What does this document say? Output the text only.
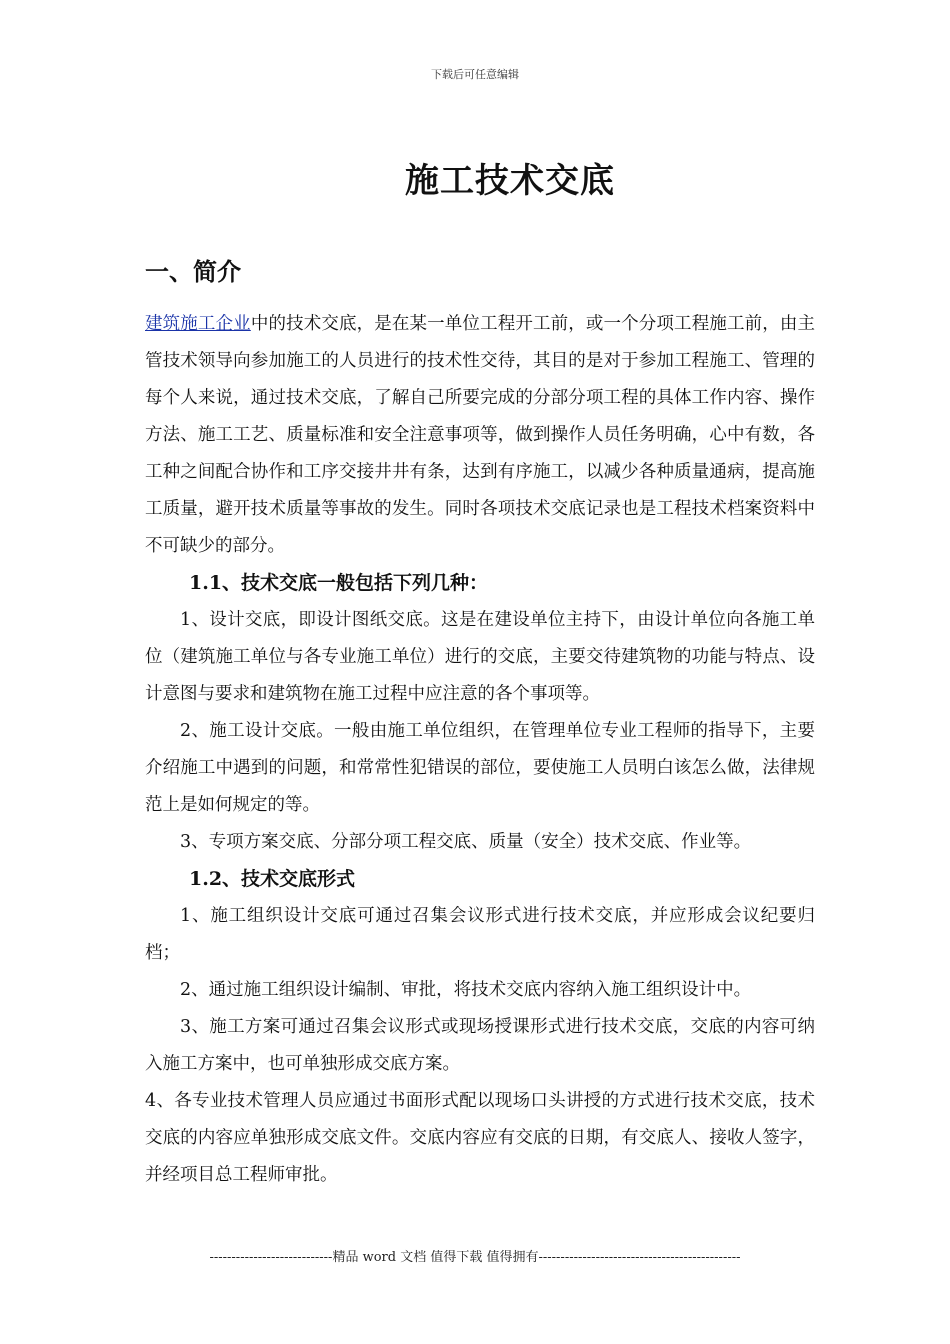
下载后可任意编辑
施工技术交底
一、简介

建筑施工企业中的技术交底，是在某一单位工程开工前，或一个分项工程施工前，由主管技术领导向参加施工的人员进行的技术性交待，其目的是对于参加工程施工、管理的每个人来说，通过技术交底，了解自己所要完成的分部分项工程的具体工作内容、操作方法、施工工艺、质量标准和安全注意事项等，做到操作人员任务明确，心中有数，各工种之间配合协作和工序交接井井有条，达到有序施工，以减少各种质量通病，提高施工质量，避开技术质量等事故的发生。同时各项技术交底记录也是工程技术档案资料中不可缺少的部分。

1.1、技术交底一般包括下列几种：

1、设计交底，即设计图纸交底。这是在建设单位主持下，由设计单位向各施工单位（建筑施工单位与各专业施工单位）进行的交底，主要交待建筑物的功能与特点、设计意图与要求和建筑物在施工过程中应注意的各个事项等。

2、施工设计交底。一般由施工单位组织，在管理单位专业工程师的指导下，主要介绍施工中遇到的问题，和常常性犯错误的部位，要使施工人员明白该怎么做，法律规范上是如何规定的等。

3、专项方案交底、分部分项工程交底、质量（安全）技术交底、作业等。

1.2、技术交底形式

1、施工组织设计交底可通过召集会议形式进行技术交底，并应形成会议纪要归档；

2、通过施工组织设计编制、审批，将技术交底内容纳入施工组织设计中。

3、施工方案可通过召集会议形式或现场授课形式进行技术交底，交底的内容可纳入施工方案中，也可单独形成交底方案。

4、各专业技术管理人员应通过书面形式配以现场口头讲授的方式进行技术交底，技术交底的内容应单独形成交底文件。交底内容应有交底的日期，有交底人、接收人签字，并经项目总工程师审批。

----------------------------精品 word 文档 值得下载 值得拥有----------------------------------------------
